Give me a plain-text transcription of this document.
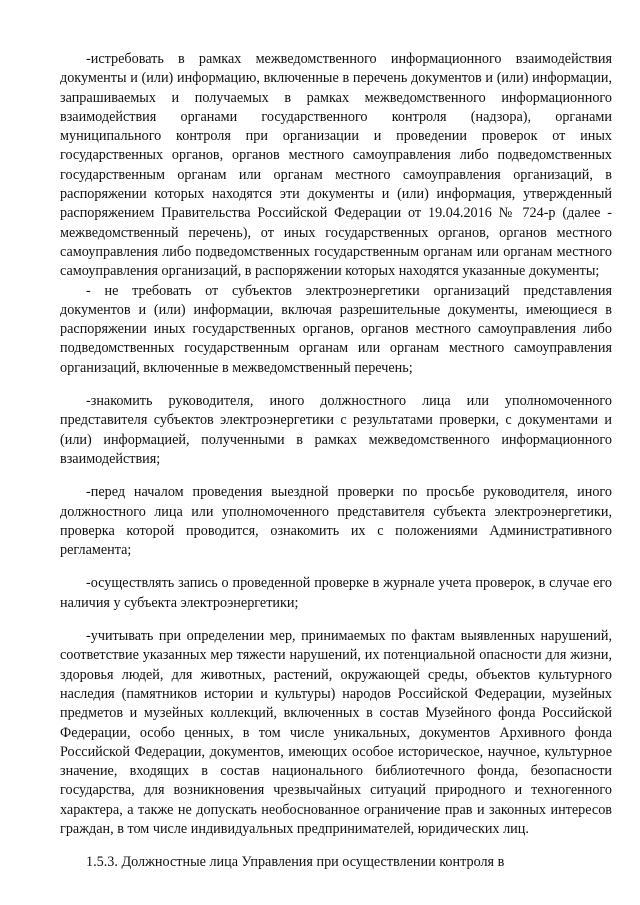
-истребовать в рамках межведомственного информационного взаимодействия документы и (или) информацию, включенные в перечень документов и (или) информации, запрашиваемых и получаемых в рамках межведомственного информационного взаимодействия органами государственного контроля (надзора), органами муниципального контроля при организации и проведении проверок от иных государственных органов, органов местного самоуправления либо подведомственных государственным органам или органам местного самоуправления организаций, в распоряжении которых находятся эти документы и (или) информация, утвержденный распоряжением Правительства Российской Федерации от 19.04.2016 № 724-р (далее - межведомственный перечень), от иных государственных органов, органов местного самоуправления либо подведомственных государственным органам или органам местного самоуправления организаций, в распоряжении которых находятся указанные документы;

- не требовать от субъектов электроэнергетики организаций представления документов и (или) информации, включая разрешительные документы, имеющиеся в распоряжении иных государственных органов, органов местного самоуправления либо подведомственных государственным органам или органам местного самоуправления организаций, включенные в межведомственный перечень;

-знакомить руководителя, иного должностного лица или уполномоченного представителя субъектов электроэнергетики с результатами проверки, с документами и (или) информацией, полученными в рамках межведомственного информационного взаимодействия;

-перед началом проведения выездной проверки по просьбе руководителя, иного должностного лица или уполномоченного представителя субъекта электроэнергетики, проверка которой проводится, ознакомить их с положениями Административного регламента;

-осуществлять запись о проведенной проверке в журнале учета проверок, в случае его наличия у субъекта электроэнергетики;

-учитывать при определении мер, принимаемых по фактам выявленных нарушений, соответствие указанных мер тяжести нарушений, их потенциальной опасности для жизни, здоровья людей, для животных, растений, окружающей среды, объектов культурного наследия (памятников истории и культуры) народов Российской Федерации, музейных предметов и музейных коллекций, включенных в состав Музейного фонда Российской Федерации, особо ценных, в том числе уникальных, документов Архивного фонда Российской Федерации, документов, имеющих особое историческое, научное, культурное значение, входящих в состав национального библиотечного фонда, безопасности государства, для возникновения чрезвычайных ситуаций природного и техногенного характера, а также не допускать необоснованное ограничение прав и законных интересов граждан, в том числе индивидуальных предпринимателей, юридических лиц.

1.5.3. Должностные лица Управления при осуществлении контроля в
